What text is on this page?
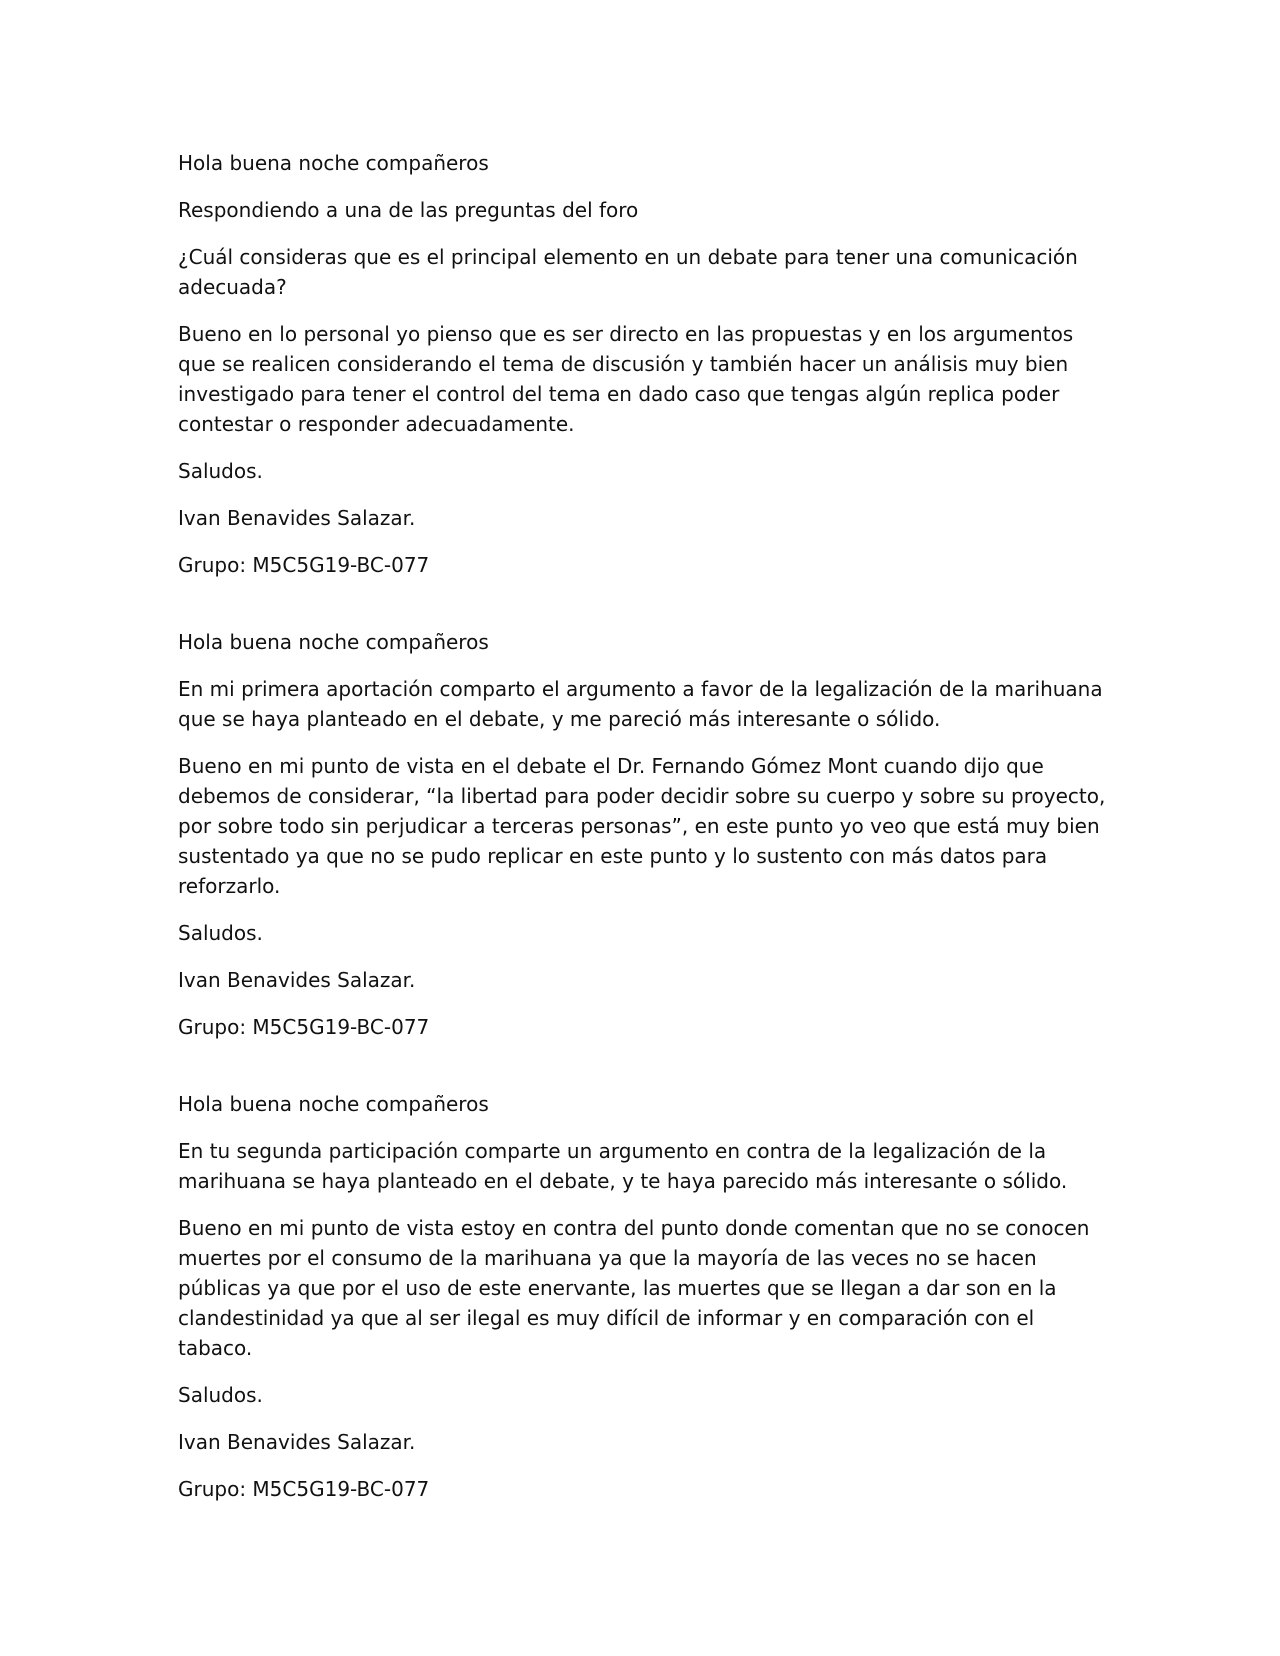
Hola buena noche compañeros

Respondiendo a una de las preguntas del foro

¿Cuál consideras que es el principal elemento en un debate para tener una comunicación adecuada?

Bueno en lo personal yo pienso que es ser directo en las propuestas y en los argumentos que se realicen considerando el tema de discusión y también hacer un análisis muy bien investigado para tener el control del tema en dado caso que tengas algún replica poder contestar o responder adecuadamente.

Saludos.

Ivan Benavides Salazar.

Grupo: M5C5G19-BC-077

Hola buena noche compañeros

En mi primera aportación comparto el argumento a favor de la legalización de la marihuana que se haya planteado en el debate, y me pareció más interesante o sólido.

Bueno en mi punto de vista en el debate el Dr. Fernando Gómez Mont cuando dijo que debemos de considerar, “la libertad para poder decidir sobre su cuerpo y sobre su proyecto, por sobre todo sin perjudicar a terceras personas”, en este punto yo veo que está muy bien sustentado ya que no se pudo replicar en este punto y lo sustento con más datos para reforzarlo.

Saludos.

Ivan Benavides Salazar.

Grupo: M5C5G19-BC-077

Hola buena noche compañeros

En tu segunda participación comparte un argumento en contra de la legalización de la marihuana se haya planteado en el debate, y te haya parecido más interesante o sólido.

Bueno en mi punto de vista estoy en contra del punto donde comentan que no se conocen muertes por el consumo de la marihuana ya que la mayoría de las veces no se hacen públicas ya que por el uso de este enervante, las muertes que se llegan a dar son en la clandestinidad ya que al ser ilegal es muy difícil de informar y en comparación con el tabaco.

Saludos.

Ivan Benavides Salazar.

Grupo: M5C5G19-BC-077
